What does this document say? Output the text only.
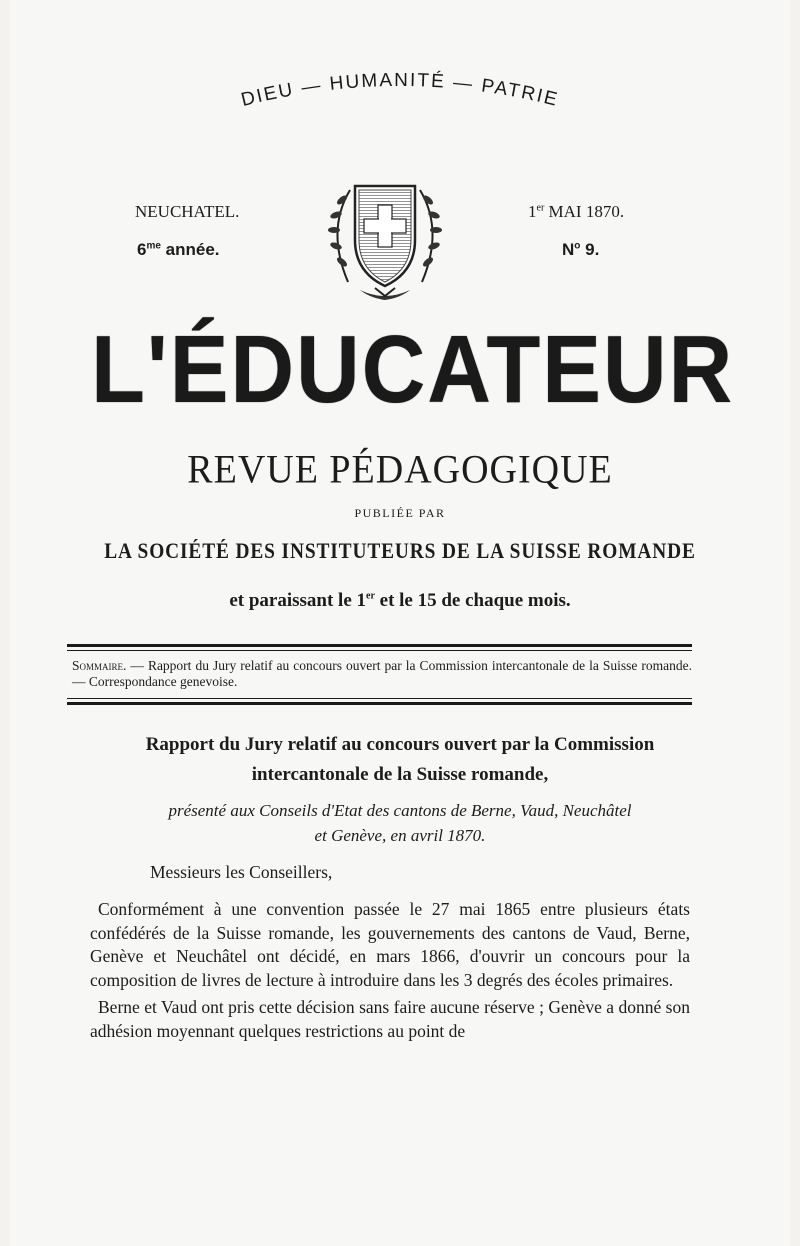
DIEU — HUMANITÉ — PATRIE
NEUCHATEL.
$6^{me}$ année.
1er MAI 1870.
$N^o$ 9.
L'ÉDUCATEUR
REVUE PÉDAGOGIQUE
PUBLIÉE PAR
LA SOCIÉTÉ DES INSTITUTEURS DE LA SUISSE ROMANDE
et paraissant le 1er et le 15 de chaque mois.
Sommaire. — Rapport du Jury relatif au concours ouvert par la Commission intercantonale de la Suisse romande. — Correspondance genevoise.
Rapport du Jury relatif au concours ouvert par la Commission
intercantonale de la Suisse romande,
présenté aux Conseils d'Etat des cantons de Berne, Vaud, Neuchâtel
et Genève, en avril 1870.
Messieurs les Conseillers,

Conformément à une convention passée le 27 mai 1865 entre plusieurs états confédérés de la Suisse romande, les gouvernements des cantons de Vaud, Berne, Genève et Neuchâtel ont décidé, en mars 1866, d'ouvrir un concours pour la composition de livres de lecture à introduire dans les 3 degrés des écoles primaires.

Berne et Vaud ont pris cette décision sans faire aucune réserve ; Genève a donné son adhésion moyennant quelques restrictions au point de
